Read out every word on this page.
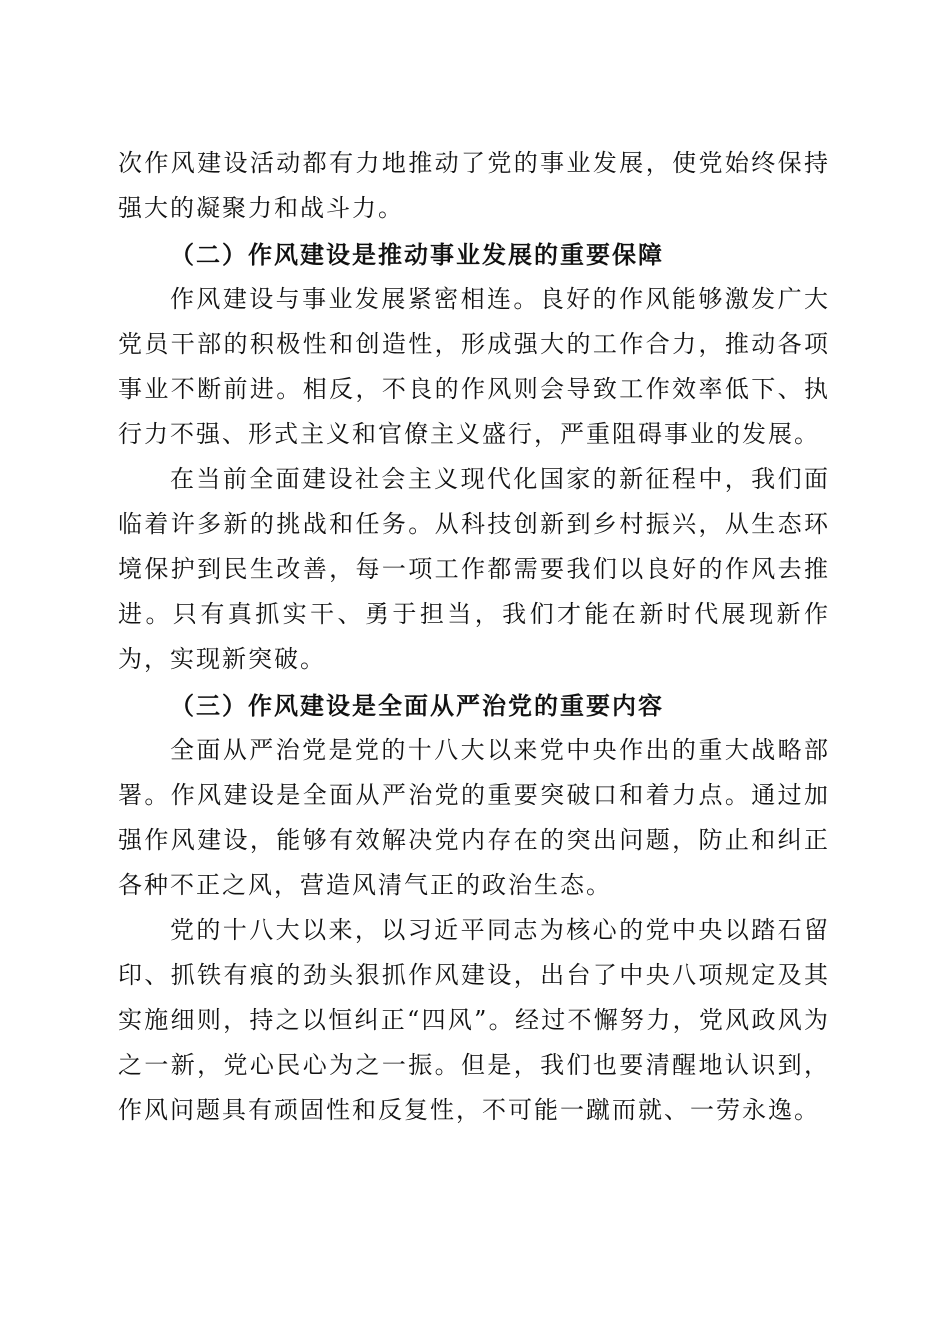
次作风建设活动都有力地推动了党的事业发展，使党始终保持强大的凝聚力和战斗力。

（二）作风建设是推动事业发展的重要保障

作风建设与事业发展紧密相连。良好的作风能够激发广大党员干部的积极性和创造性，形成强大的工作合力，推动各项事业不断前进。相反，不良的作风则会导致工作效率低下、执行力不强、形式主义和官僚主义盛行，严重阻碍事业的发展。

在当前全面建设社会主义现代化国家的新征程中，我们面临着许多新的挑战和任务。从科技创新到乡村振兴，从生态环境保护到民生改善，每一项工作都需要我们以良好的作风去推进。只有真抓实干、勇于担当，我们才能在新时代展现新作为，实现新突破。

（三）作风建设是全面从严治党的重要内容

全面从严治党是党的十八大以来党中央作出的重大战略部署。作风建设是全面从严治党的重要突破口和着力点。通过加强作风建设，能够有效解决党内存在的突出问题，防止和纠正各种不正之风，营造风清气正的政治生态。

党的十八大以来，以习近平同志为核心的党中央以踏石留印、抓铁有痕的劲头狠抓作风建设，出台了中央八项规定及其实施细则，持之以恒纠正“四风”。经过不懈努力，党风政风为之一新，党心民心为之一振。但是，我们也要清醒地认识到，作风问题具有顽固性和反复性，不可能一蹴而就、一劳永逸。
